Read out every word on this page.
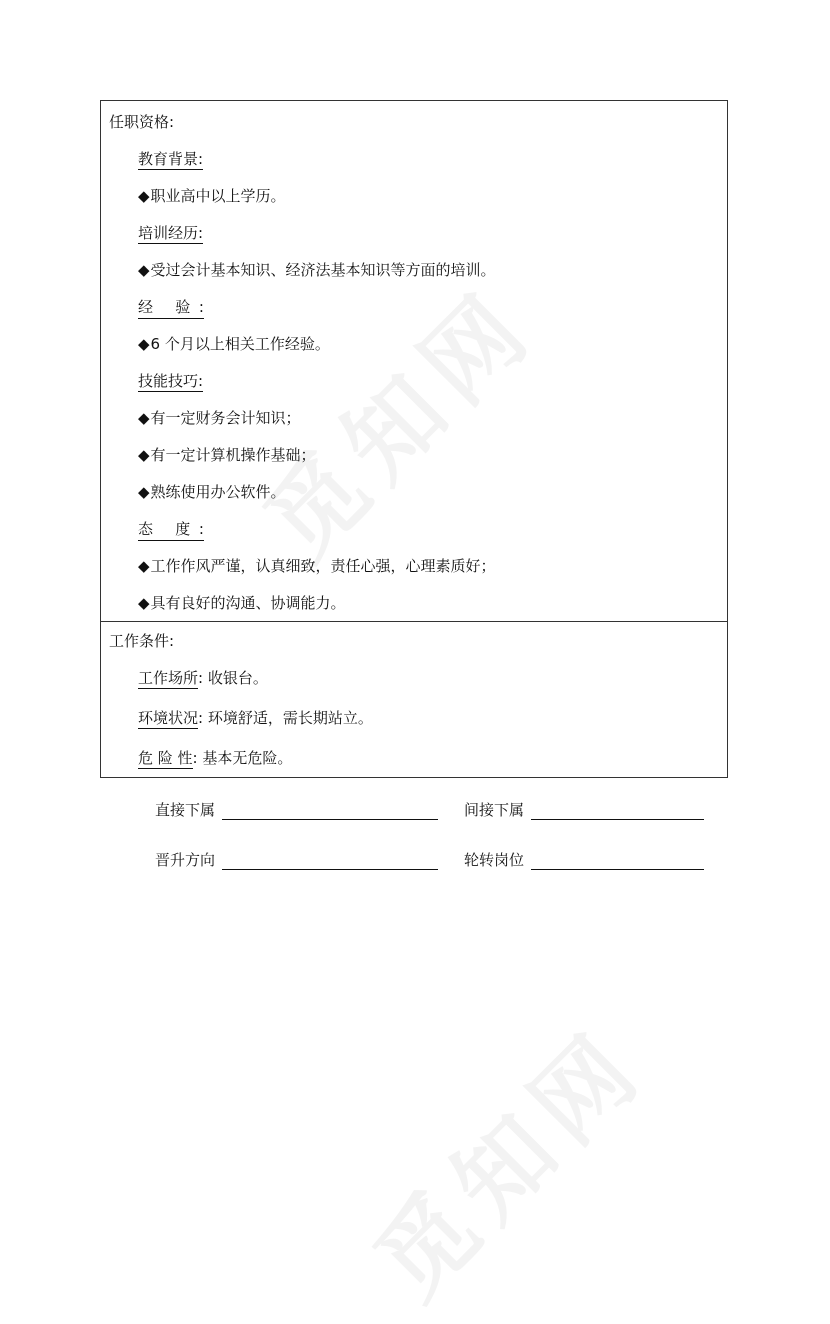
任职资格:
教育背景:
◆职业高中以上学历。
培训经历:
◆受过会计基本知识、经济法基本知识等方面的培训。
经 验:
◆6 个月以上相关工作经验。
技能技巧:
◆有一定财务会计知识；
◆有一定计算机操作基础；
◆熟练使用办公软件。
态 度:
◆工作作风严谨，认真细致，责任心强，心理素质好；
◆具有良好的沟通、协调能力。
工作条件:
工作场所: 收银台。
环境状况: 环境舒适，需长期站立。
危 险 性: 基本无危险。
直接下属	间接下属
晋升方向	轮转岗位
